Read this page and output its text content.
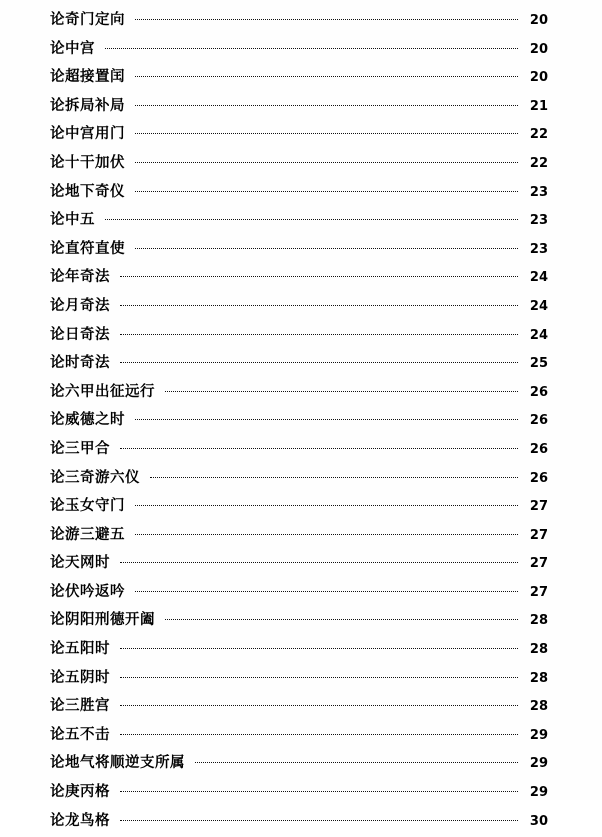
论奇门定向	20
论中宫	20
论超接置闰	20
论拆局补局	21
论中宫用门	22
论十干加伏	22
论地下奇仪	23
论中五	23
论直符直使	23
论年奇法	24
论月奇法	24
论日奇法	24
论时奇法	25
论六甲出征远行	26
论威德之时	26
论三甲合	26
论三奇游六仪	26
论玉女守门	27
论游三避五	27
论天网时	27
论伏吟返吟	27
论阴阳刑德开阖	28
论五阳时	28
论五阴时	28
论三胜宫	28
论五不击	29
论地气将顺逆支所属	29
论庚丙格	29
论龙鸟格	30
